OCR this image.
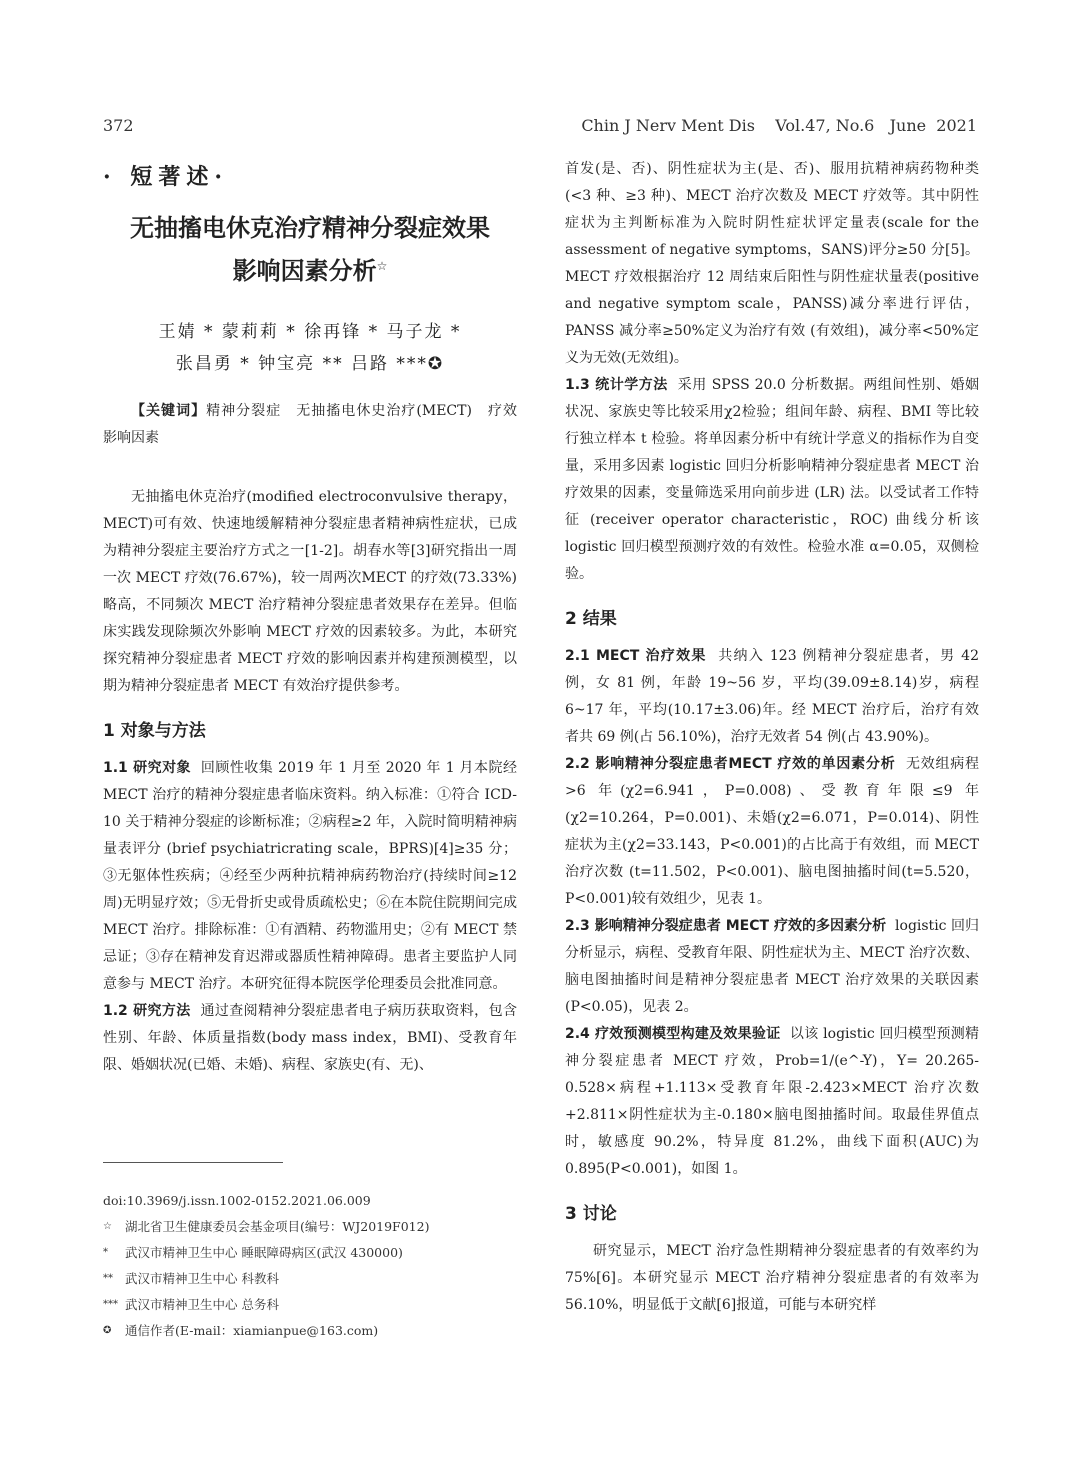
372	Chin J Nerv Ment Dis    Vol.47, No.6   June  2021
· 短著述·
无抽搐电休克治疗精神分裂症效果
影响因素分析☆
王婧 * 蒙莉莉 * 徐再锋 * 马子龙 *
张昌勇 * 钟宝亮 ** 吕路 ***✪
【关键词】精神分裂症　无抽搐电休史治疗(MECT)　疗效　影响因素

无抽搐电休克治疗(modified electroconvulsive therapy，MECT)可有效、快速地缓解精神分裂症患者精神病性症状，已成为精神分裂症主要治疗方式之一[1-2]。胡春水等[3]研究指出一周一次 MECT 疗效(76.67%)，较一周两次MECT 的疗效(73.33%)略高，不同频次 MECT 治疗精神分裂症患者效果存在差异。但临床实践发现除频次外影响 MECT 疗效的因素较多。为此，本研究探究精神分裂症患者 MECT 疗效的影响因素并构建预测模型，以期为精神分裂症患者 MECT 有效治疗提供参考。

1 对象与方法

1.1 研究对象 回顾性收集 2019 年 1 月至 2020 年 1 月本院经 MECT 治疗的精神分裂症患者临床资料。纳入标准：①符合 ICD-10 关于精神分裂症的诊断标准；②病程≥2 年，入院时简明精神病量表评分 (brief psychiatricrating scale，BPRS)[4]≥35 分；③无躯体性疾病；④经至少两种抗精神病药物治疗(持续时间≥12 周)无明显疗效；⑤无骨折史或骨质疏松史；⑥在本院住院期间完成 MECT 治疗。排除标准：①有酒精、药物滥用史；②有 MECT 禁忌证；③存在精神发育迟滞或器质性精神障碍。患者主要监护人同意参与 MECT 治疗。本研究征得本院医学伦理委员会批准同意。

1.2 研究方法 通过查阅精神分裂症患者电子病历获取资料，包含性别、年龄、体质量指数(body mass index，BMI)、受教育年限、婚姻状况(已婚、未婚)、病程、家族史(有、无)、

doi:10.3969/j.issn.1002-0152.2021.06.009
☆ 湖北省卫生健康委员会基金项目(编号：WJ2019F012)
* 武汉市精神卫生中心 睡眠障碍病区(武汉 430000)
** 武汉市精神卫生中心 科教科
*** 武汉市精神卫生中心 总务科
✪ 通信作者(E-mail：xiamianpue@163.com)

首发(是、否)、阴性症状为主(是、否)、服用抗精神病药物种类 (<3 种、≥3 种)、MECT 治疗次数及 MECT 疗效等。其中阴性症状为主判断标准为入院时阴性症状评定量表(scale for the assessment of negative symptoms，SANS)评分≥50 分[5]。MECT 疗效根据治疗 12 周结束后阳性与阴性症状量表(positive and negative symptom scale，PANSS)减分率进行评估，PANSS 减分率≥50%定义为治疗有效 (有效组)，减分率<50%定义为无效(无效组)。

1.3 统计学方法 采用 SPSS 20.0 分析数据。两组间性别、婚姻状况、家族史等比较采用χ2检验；组间年龄、病程、BMI 等比较行独立样本 t 检验。将单因素分析中有统计学意义的指标作为自变量，采用多因素 logistic 回归分析影响精神分裂症患者 MECT 治疗效果的因素，变量筛选采用向前步进 (LR) 法。以受试者工作特征 (receiver operator characteristic，ROC) 曲线分析该 logistic 回归模型预测疗效的有效性。检验水准 α=0.05，双侧检验。

2 结果

2.1 MECT 治疗效果 共纳入 123 例精神分裂症患者，男 42 例，女 81 例，年龄 19~56 岁，平均(39.09±8.14)岁，病程 6~17 年，平均(10.17±3.06)年。经 MECT 治疗后，治疗有效者共 69 例(占 56.10%)，治疗无效者 54 例(占 43.90%)。

2.2 影响精神分裂症患者MECT 疗效的单因素分析 无效组病程>6 年(χ2=6.941，P=0.008)、受教育年限≤9 年(χ2=10.264，P=0.001)、未婚(χ2=6.071，P=0.014)、阴性症状为主(χ2=33.143，P<0.001)的占比高于有效组，而 MECT 治疗次数 (t=11.502，P<0.001)、脑电图抽搐时间(t=5.520，P<0.001)较有效组少，见表 1。

2.3 影响精神分裂症患者 MECT 疗效的多因素分析 logistic 回归分析显示，病程、受教育年限、阴性症状为主、MECT 治疗次数、脑电图抽搐时间是精神分裂症患者 MECT 治疗效果的关联因素(P<0.05)，见表 2。

2.4 疗效预测模型构建及效果验证 以该 logistic 回归模型预测精神分裂症患者 MECT 疗效，Prob=1/(e^-Y)，Y= 20.265-0.528×病程+1.113×受教育年限-2.423×MECT 治疗次数+2.811×阴性症状为主-0.180×脑电图抽搐时间。取最佳界值点时，敏感度 90.2%，特异度 81.2%，曲线下面积(AUC)为 0.895(P<0.001)，如图 1。

3 讨论

研究显示，MECT 治疗急性期精神分裂症患者的有效率约为 75%[6]。本研究显示 MECT 治疗精神分裂症患者的有效率为 56.10%，明显低于文献[6]报道，可能与本研究样
